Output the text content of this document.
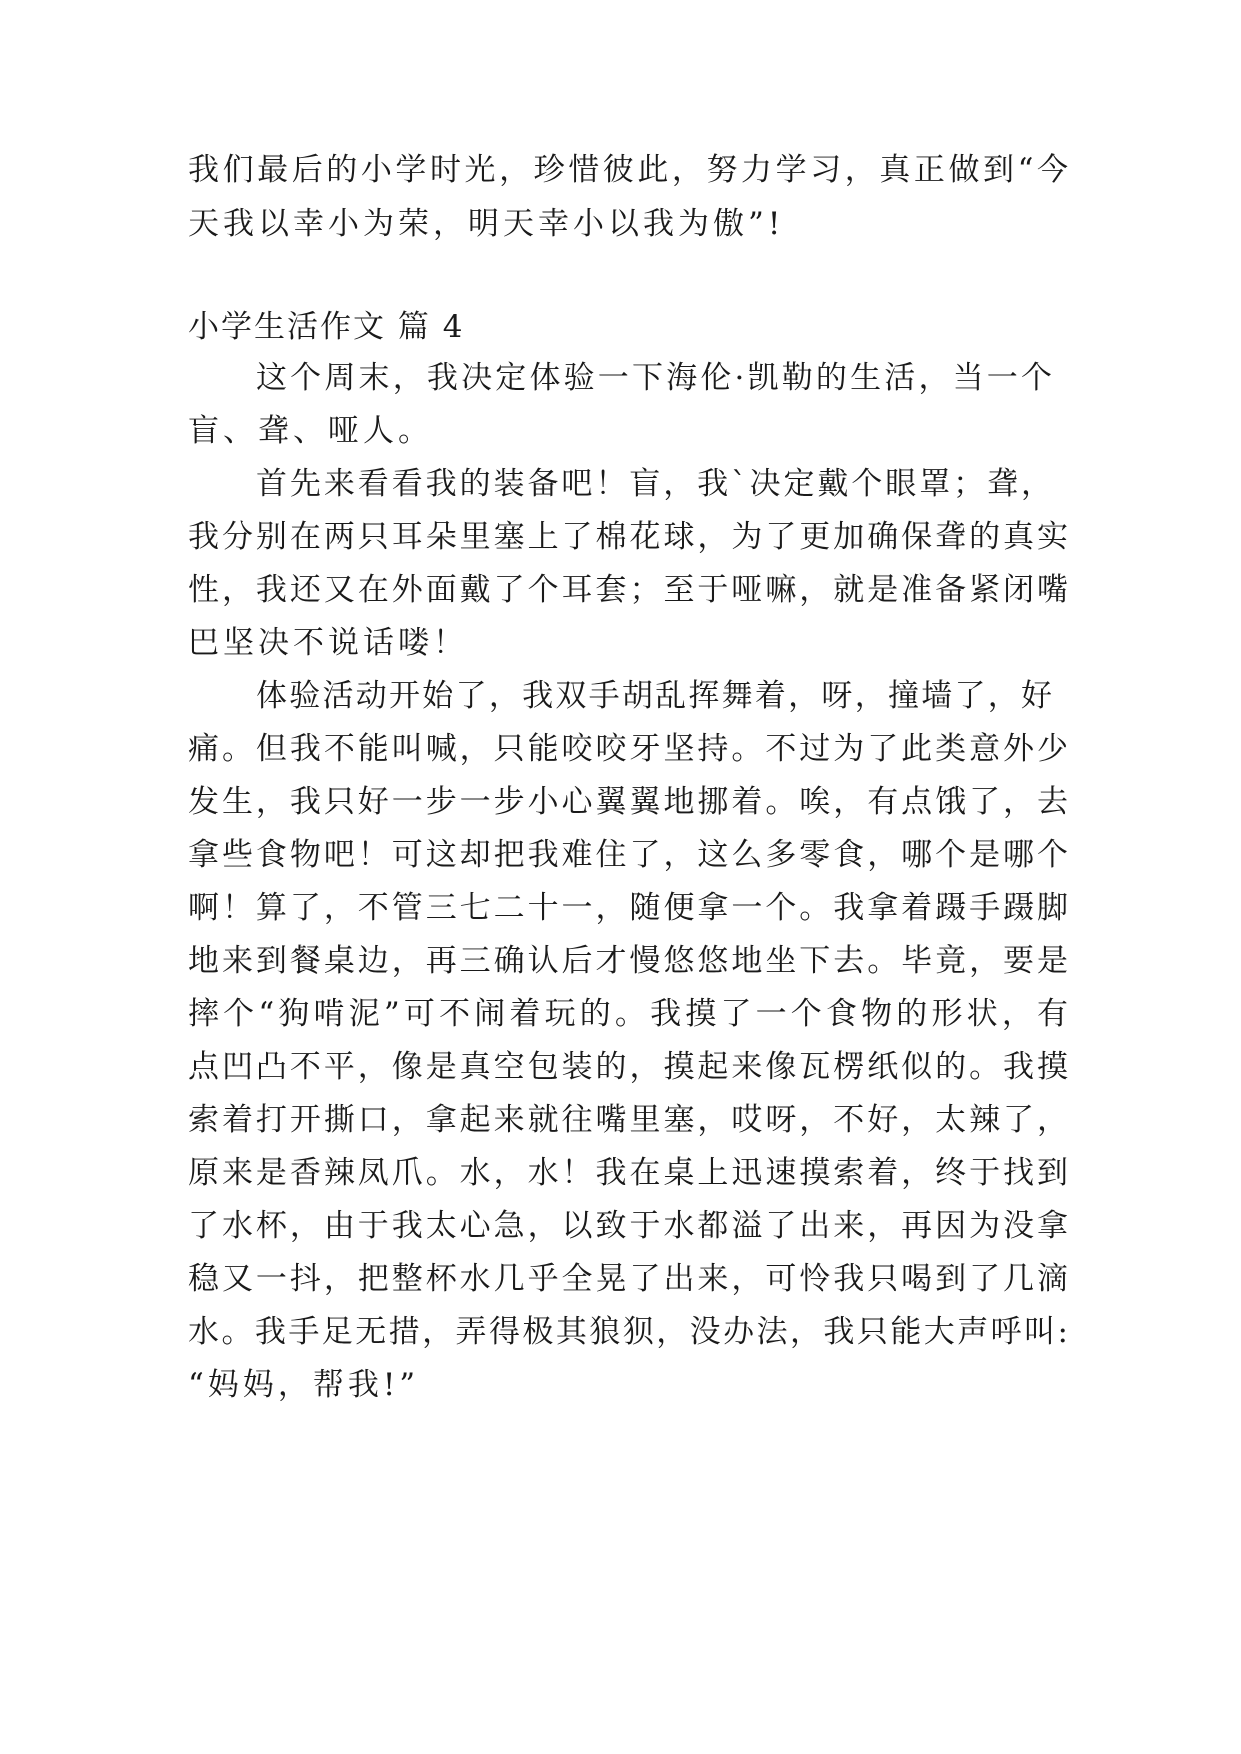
我们最后的小学时光，珍惜彼此，努力学习，真正做到“今
天我以幸小为荣，明天幸小以我为傲”!
小学生活作文 篇 4
这个周末，我决定体验一下海伦·凯勒的生活，当一个
盲、聋、哑人。
首先来看看我的装备吧！盲，我`决定戴个眼罩；聋，
我分别在两只耳朵里塞上了棉花球，为了更加确保聋的真实
性，我还又在外面戴了个耳套；至于哑嘛，就是准备紧闭嘴
巴坚决不说话喽！
体验活动开始了，我双手胡乱挥舞着，呀，撞墙了，好
痛。但我不能叫喊，只能咬咬牙坚持。不过为了此类意外少
发生，我只好一步一步小心翼翼地挪着。唉，有点饿了，去
拿些食物吧！可这却把我难住了，这么多零食，哪个是哪个
啊！算了，不管三七二十一，随便拿一个。我拿着蹑手蹑脚
地来到餐桌边，再三确认后才慢悠悠地坐下去。毕竟，要是
摔个“狗啃泥”可不闹着玩的。我摸了一个食物的形状，有
点凹凸不平，像是真空包装的，摸起来像瓦楞纸似的。我摸
索着打开撕口，拿起来就往嘴里塞，哎呀，不好，太辣了，
原来是香辣凤爪。水，水！我在桌上迅速摸索着，终于找到
了水杯，由于我太心急，以致于水都溢了出来，再因为没拿
稳又一抖，把整杯水几乎全晃了出来，可怜我只喝到了几滴
水。我手足无措，弄得极其狼狈，没办法，我只能大声呼叫:
“妈妈，帮我!”
